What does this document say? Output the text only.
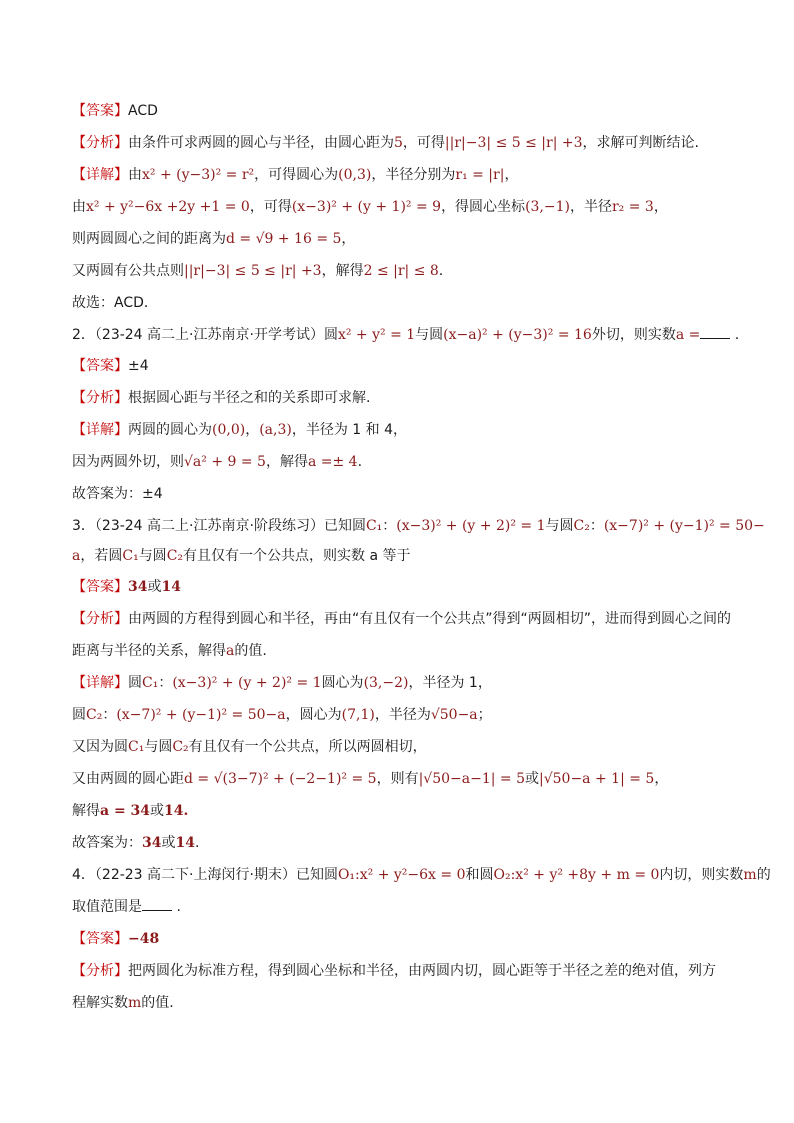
【答案】ACD
【分析】由条件可求两圆的圆心与半径，由圆心距为5，可得||r|−3| ≤ 5 ≤ |r| +3，求解可判断结论.
【详解】由x² + (y−3)² = r²，可得圆心为(0,3)，半径分别为r₁ = |r|，
由x² + y²−6x +2y +1 = 0，可得(x−3)² + (y + 1)² = 9，得圆心坐标(3,−1)，半径r₂ = 3，
则两圆圆心之间的距离为d = √9 + 16 = 5，
又两圆有公共点则||r|−3| ≤ 5 ≤ |r| +3，解得2 ≤ |r| ≤ 8.
故选：ACD．
2．（23-24 高二上·江苏南京·开学考试）圆x² + y² = 1与圆(x−a)² + (y−3)² = 16外切，则实数a = .
【答案】±4
【分析】根据圆心距与半径之和的关系即可求解.
【详解】两圆的圆心为(0,0)，(a,3)，半径为 1 和 4，
因为两圆外切，则√a² + 9 = 5，解得a =± 4.
故答案为：±4
3．（23-24 高二上·江苏南京·阶段练习）已知圆C₁：(x−3)² + (y + 2)² = 1与圆C₂：(x−7)² + (y−1)² = 50−
a，若圆C₁与圆C₂有且仅有一个公共点，则实数 a 等于
【答案】34或14
【分析】由两圆的方程得到圆心和半径，再由“有且仅有一个公共点”得到“两圆相切”，进而得到圆心之间的
距离与半径的关系，解得a的值.
【详解】圆C₁：(x−3)² + (y + 2)² = 1圆心为(3,−2)，半径为 1，
圆C₂：(x−7)² + (y−1)² = 50−a，圆心为(7,1)，半径为√50−a；
又因为圆C₁与圆C₂有且仅有一个公共点，所以两圆相切，
又由两圆的圆心距d = √(3−7)² + (−2−1)² = 5，则有|√50−a−1| = 5或|√50−a + 1| = 5，
解得a = 34或14.
故答案为：34或14.
4．（22-23 高二下·上海闵行·期末）已知圆O₁:x² + y²−6x = 0和圆O₂:x² + y² +8y + m = 0内切，则实数m的
取值范围是 .
【答案】−48
【分析】把两圆化为标准方程，得到圆心坐标和半径，由两圆内切，圆心距等于半径之差的绝对值，列方
程解实数m的值.
